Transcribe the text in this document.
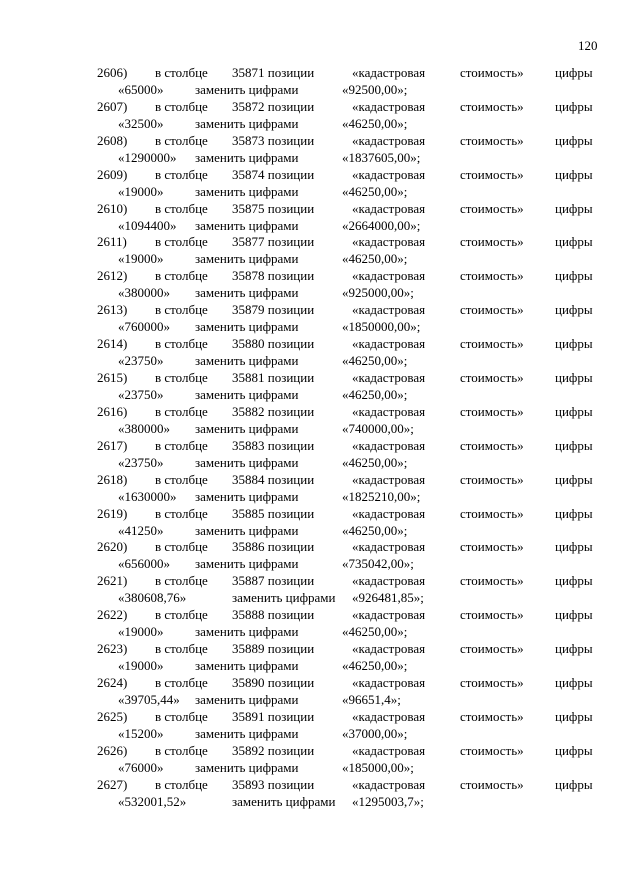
120
2606) в столбце 35871 позиции	«кадастровая	стоимость» цифры
«65000» заменить цифрами	«92500,00»;
2607) в столбце 35872 позиции	«кадастровая	стоимость» цифры
«32500» заменить цифрами	«46250,00»;
2608) в столбце 35873 позиции	«кадастровая	стоимость» цифры
«1290000» заменить цифрами	«1837605,00»;
2609) в столбце 35874 позиции	«кадастровая	стоимость» цифры
«19000» заменить цифрами	«46250,00»;
2610) в столбце 35875 позиции	«кадастровая	стоимость» цифры
«1094400» заменить цифрами	«2664000,00»;
2611) в столбце 35877 позиции	«кадастровая	стоимость» цифры
«19000» заменить цифрами	«46250,00»;
2612) в столбце 35878 позиции	«кадастровая	стоимость» цифры
«380000» заменить цифрами	«925000,00»;
2613) в столбце 35879 позиции	«кадастровая	стоимость» цифры
«760000» заменить цифрами	«1850000,00»;
2614) в столбце 35880 позиции	«кадастровая	стоимость» цифры
«23750» заменить цифрами	«46250,00»;
2615) в столбце 35881 позиции	«кадастровая	стоимость» цифры
«23750» заменить цифрами	«46250,00»;
2616) в столбце 35882 позиции	«кадастровая	стоимость» цифры
«380000» заменить цифрами	«740000,00»;
2617) в столбце 35883 позиции	«кадастровая	стоимость» цифры
«23750» заменить цифрами	«46250,00»;
2618) в столбце 35884 позиции	«кадастровая	стоимость» цифры
«1630000» заменить цифрами	«1825210,00»;
2619) в столбце 35885 позиции	«кадастровая	стоимость» цифры
«41250» заменить цифрами	«46250,00»;
2620) в столбце 35886 позиции	«кадастровая	стоимость» цифры
«656000» заменить цифрами	«735042,00»;
2621) в столбце 35887 позиции	«кадастровая	стоимость» цифры
«380608,76»	заменить цифрами «926481,85»;
2622) в столбце 35888 позиции	«кадастровая	стоимость» цифры
«19000» заменить цифрами	«46250,00»;
2623) в столбце 35889 позиции	«кадастровая	стоимость» цифры
«19000» заменить цифрами	«46250,00»;
2624) в столбце 35890 позиции	«кадастровая	стоимость» цифры
«39705,44» заменить цифрами	«96651,4»;
2625) в столбце 35891 позиции	«кадастровая	стоимость» цифры
«15200» заменить цифрами	«37000,00»;
2626) в столбце 35892 позиции	«кадастровая	стоимость» цифры
«76000» заменить цифрами	«185000,00»;
2627) в столбце 35893 позиции	«кадастровая	стоимость» цифры
«532001,52»	заменить цифрами «1295003,7»;
